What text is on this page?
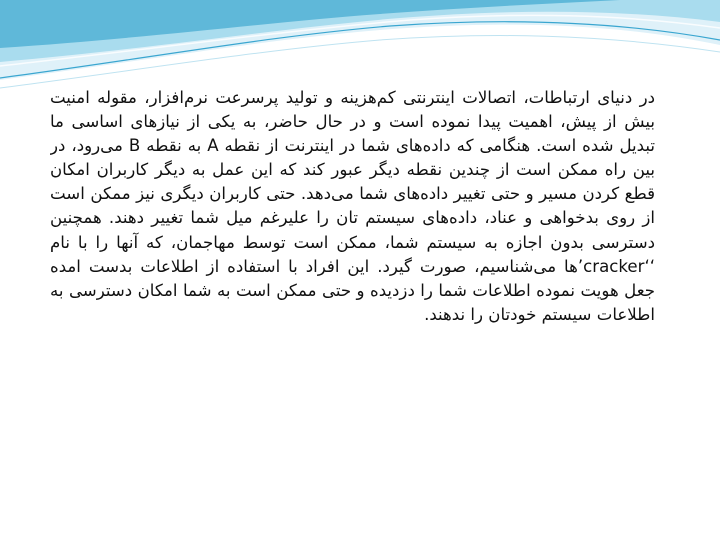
در دنیای ارتباطات، اتصالات اینترنتی کم‌هزینه و تولید پرسرعت نرم‌افزار، مقوله امنیت بیش از پیش، اهمیت پیدا نموده است و در حال حاضر، به یکی از نیازهای اساسی ما تبدیل شده است. هنگامی که داده‌های شما در اینترنت از نقطه A به نقطه B می‌رود، در بین راه ممکن است از چندین نقطه دیگر عبور کند که این عمل به دیگر کاربران امکان قطع کردن مسیر و حتی تغییر داده‌های شما می‌دهد. حتی کاربران دیگری نیز ممکن است از روی بدخواهی و عناد، داده‌های سیستم تان را علیرغم میل شما تغییر دهند. همچنین دسترسی بدون اجازه به سیستم شما، ممکن است توسط مهاجمان، که آنها را با نام ‘‘cracker’ها می‌شناسیم، صورت گیرد. این افراد با استفاده از اطلاعات بدست امده جعل هویت نموده اطلاعات شما را دزدیده و حتی ممکن است به شما امکان دسترسی به اطلاعات سیستم خودتان را ندهند.
